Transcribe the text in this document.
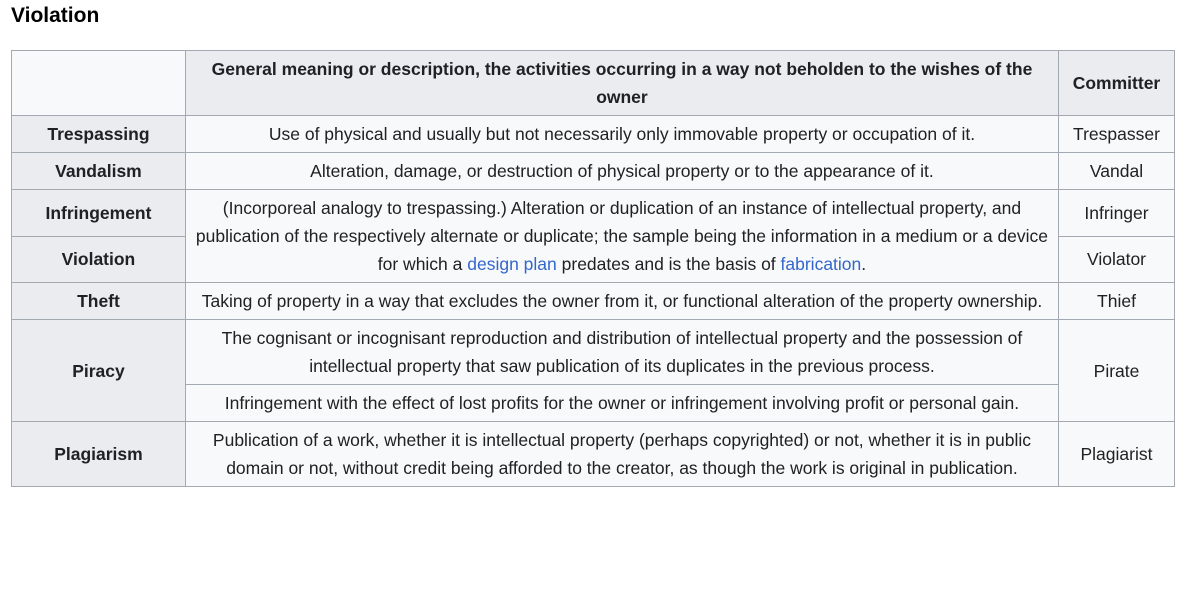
Violation
	General meaning or description, the activities occurring in a way not beholden to the wishes of the owner	Committer
Trespassing	Use of physical and usually but not necessarily only immovable property or occupation of it.	Trespasser
Vandalism	Alteration, damage, or destruction of physical property or to the appearance of it.	Vandal
Infringement	(Incorporeal analogy to trespassing.) Alteration or duplication of an instance of intellectual property, and publication of the respectively alternate or duplicate; the sample being the information in a medium or a device for which a design plan predates and is the basis of fabrication.	Infringer
Violation		Violator
Theft	Taking of property in a way that excludes the owner from it, or functional alteration of the property ownership.	Thief
Piracy	The cognisant or incognisant reproduction and distribution of intellectual property and the possession of intellectual property that saw publication of its duplicates in the previous process.	Pirate
	Infringement with the effect of lost profits for the owner or infringement involving profit or personal gain.	
Plagiarism	Publication of a work, whether it is intellectual property (perhaps copyrighted) or not, whether it is in public domain or not, without credit being afforded to the creator, as though the work is original in publication.	Plagiarist
